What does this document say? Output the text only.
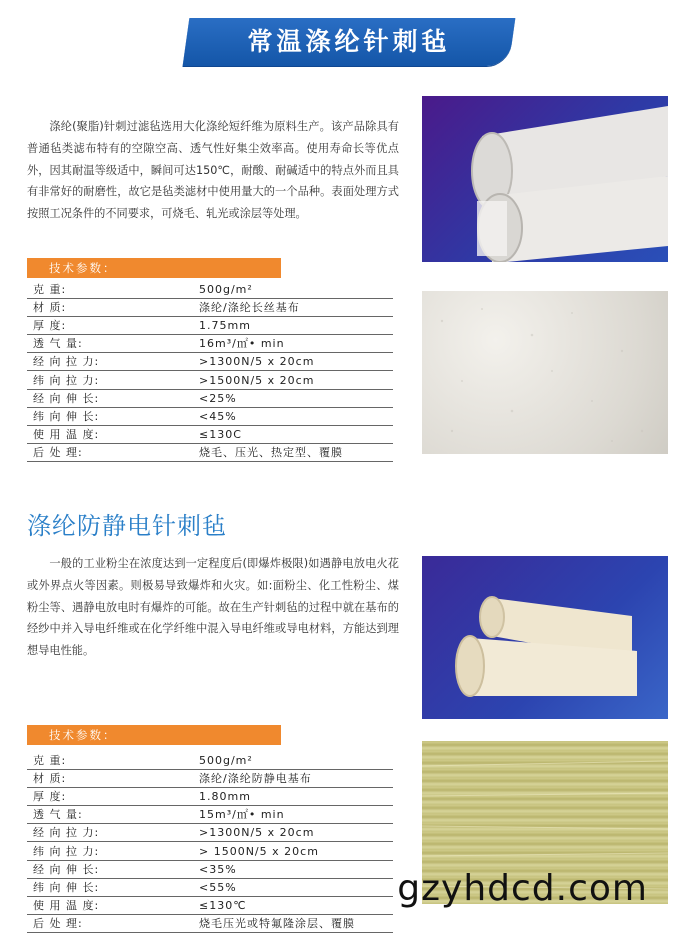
常温涤纶针刺毡
涤纶(聚脂)针刺过滤毡选用大化涤纶短纤维为原料生产。该产品除具有普通毡类滤布特有的空隙空高、透气性好集尘效率高。使用寿命长等优点外，因其耐温等级适中，瞬间可达150℃，耐酸、耐碱适中的特点外而且具有非常好的耐磨性，故它是毡类滤材中使用量大的一个品种。表面处理方式按照工况条件的不同要求，可烧毛、轧光或涂层等处理。
技术参数：
克 重:	500g/m²
材 质:	涤纶/涤纶长丝基布
厚 度:	1.75mm
透 气 量:	16m³/㎡• min
经 向 拉 力:	>1300N/5 x 20cm
纬 向 拉 力:	>1500N/5 x 20cm
经 向 伸 长:	<25%
纬 向 伸 长:	<45%
使 用 温 度:	≤130C
后 处 理:	烧毛、压光、热定型、覆膜
涤纶防静电针刺毡
一般的工业粉尘在浓度达到一定程度后(即爆炸极限)如遇静电放电火花或外界点火等因素。则极易导致爆炸和火灾。如:面粉尘、化工性粉尘、煤粉尘等、遇静电放电时有爆炸的可能。故在生产针刺毡的过程中就在基布的经纱中并入导电纤维或在化学纤维中混入导电纤维或导电材料，方能达到理想导电性能。
技术参数：
克 重:	500g/m²
材 质:	涤纶/涤纶防静电基布
厚 度:	1.80mm
透 气 量:	15m³/㎡• min
经 向 拉 力:	>1300N/5 x 20cm
纬 向 拉 力:	> 1500N/5 x 20cm
经 向 伸 长:	<35%
纬 向 伸 长:	<55%
使 用 温 度:	≤130℃
后 处 理:	烧毛压光或特氟隆涂层、覆膜
gzyhdcd.com
